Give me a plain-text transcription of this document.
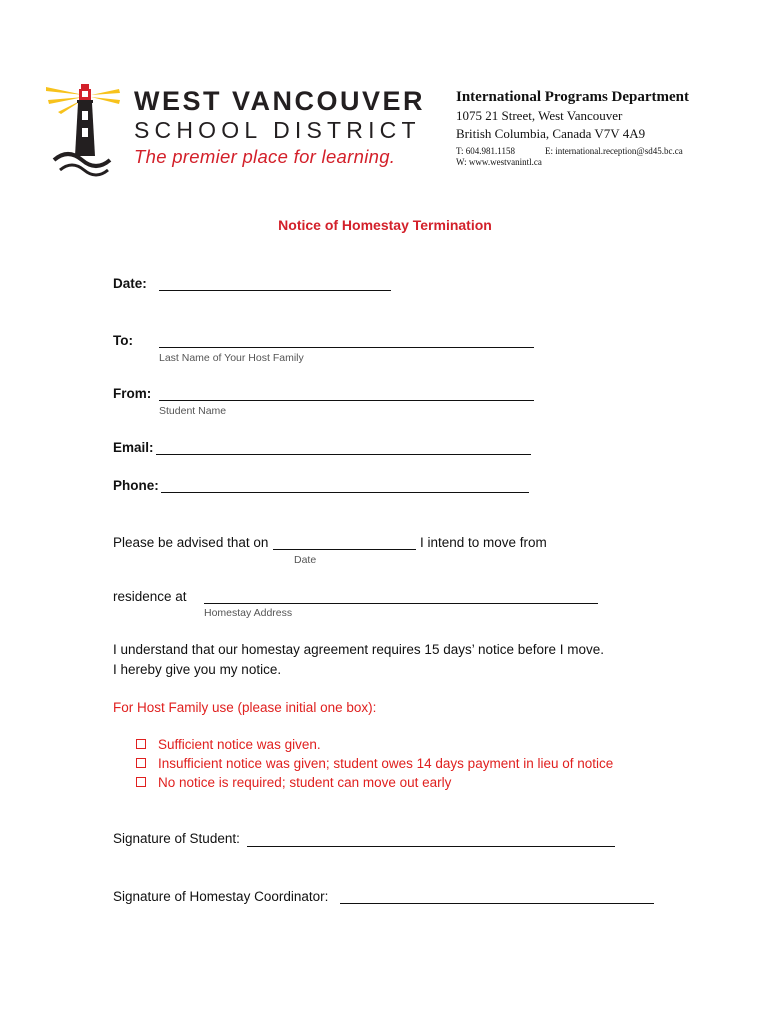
WEST VANCOUVER
SCHOOL DISTRICT
The premier place for learning.
International Programs Department
1075 21 Street, West Vancouver
British Columbia, Canada V7V 4A9
T: 604.981.1158	E: international.reception@sd45.bc.ca
W: www.westvanintl.ca
Notice of Homestay Termination
Date:
To:
Last Name of Your Host Family
From:
Student Name
Email:
Phone:
Please be advised that on	I intend to move from
Date
residence at
Homestay Address
I understand that our homestay agreement requires 15 days’ notice before I move.
I hereby give you my notice.
For Host Family use (please initial one box):
Sufficient notice was given.
Insufficient notice was given; student owes 14 days payment in lieu of notice
No notice is required; student can move out early
Signature of Student:
Signature of Homestay Coordinator:
